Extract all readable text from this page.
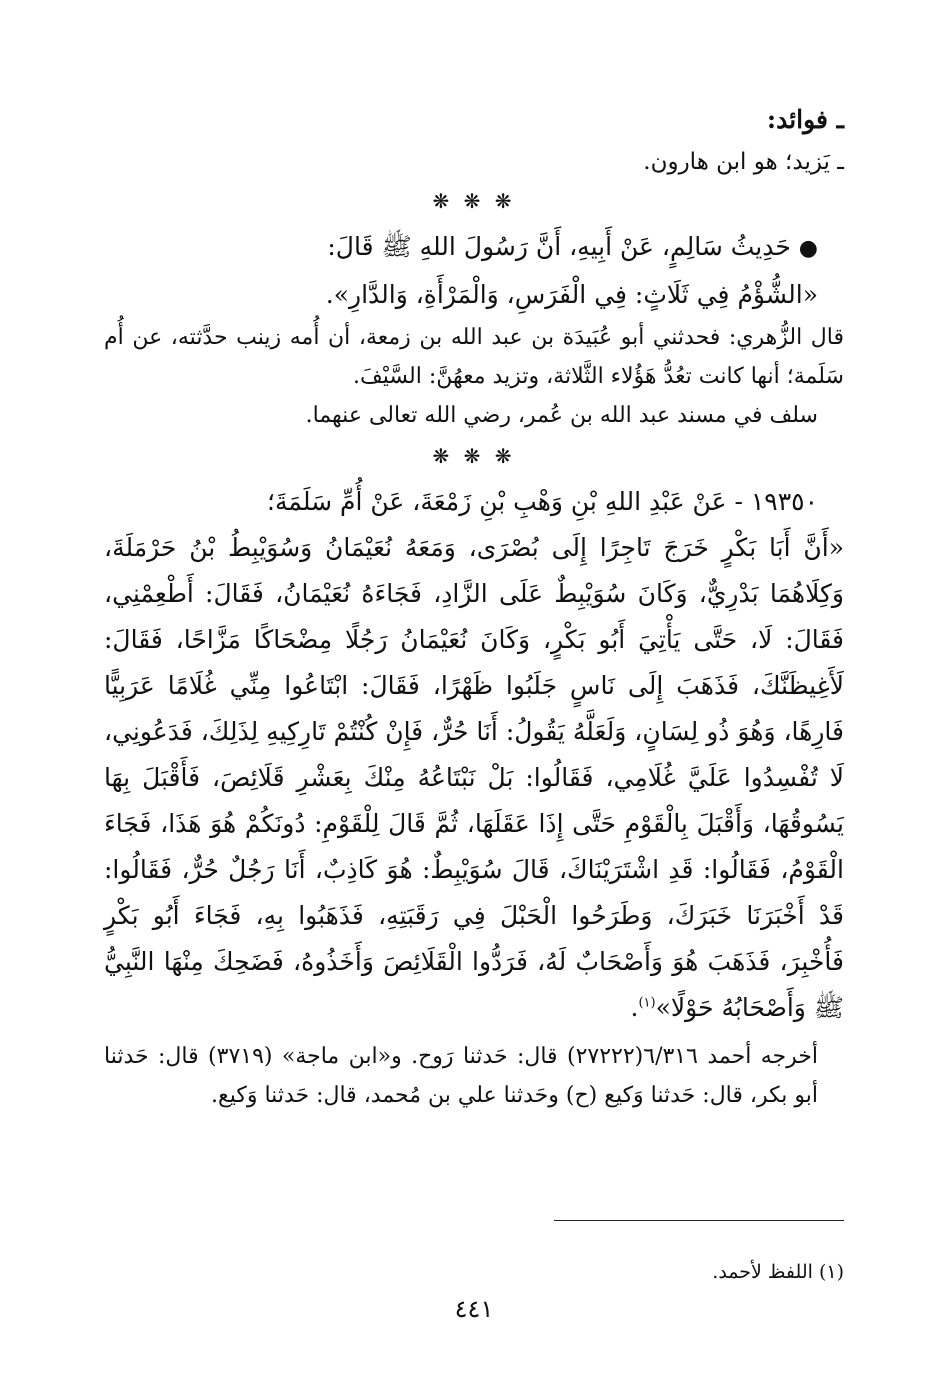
ـ فوائد:

ـ يَزيد؛ هو ابن هارون.

❋ ❋ ❋

●حَدِيثُ سَالِمٍ، عَنْ أَبِيهِ، أَنَّ رَسُولَ اللهِ ﷺ قَالَ:

«الشُّؤْمُ فِي ثَلَاثٍ: فِي الْفَرَسِ، وَالْمَرْأَةِ، وَالدَّارِ».

قال الزُّهري: فحدثني أبو عُبَيدَة بن عبد الله بن زمعة، أن أُمه زينب حدَّثته، عن أُم سَلَمة؛ أنها كانت تعُدُّ هَؤُلاء الثَّلاثة، وتزيد معهُنَّ: السَّيْفَ.

سلف في مسند عبد الله بن عُمر، رضي الله تعالى عنهما.

❋ ❋ ❋

١٩٣٥٠ - عَنْ عَبْدِ اللهِ بْنِ وَهْبِ بْنِ زَمْعَةَ، عَنْ أُمِّ سَلَمَةَ؛

«أَنَّ أَبَا بَكْرٍ خَرَجَ تَاجِرًا إِلَى بُصْرَى، وَمَعَهُ نُعَيْمَانُ وَسُوَيْبِطُ بْنُ حَرْمَلَةَ، وَكِلَاهُمَا بَدْرِيٌّ، وَكَانَ سُوَيْبِطٌ عَلَى الزَّادِ، فَجَاءَهُ نُعَيْمَانُ، فَقَالَ: أَطْعِمْنِي، فَقَالَ: لَا، حَتَّى يَأْتِيَ أَبُو بَكْرٍ، وَكَانَ نُعَيْمَانُ رَجُلًا مِضْحَاكًا مَزَّاحًا، فَقَالَ: لَأَغِيظَنَّكَ، فَذَهَبَ إِلَى نَاسٍ جَلَبُوا ظَهْرًا، فَقَالَ: ابْتَاعُوا مِنِّي غُلَامًا عَرَبِيًّا فَارِهًا، وَهُوَ ذُو لِسَانٍ، وَلَعَلَّهُ يَقُولُ: أَنَا حُرٌّ، فَإِنْ كُنْتُمْ تَارِكِيهِ لِذَلِكَ، فَدَعُونِي، لَا تُفْسِدُوا عَلَيَّ غُلَامِي، فَقَالُوا: بَلْ نَبْتَاعُهُ مِنْكَ بِعَشْرِ قَلَائِصَ، فَأَقْبَلَ بِهَا يَسُوقُهَا، وَأَقْبَلَ بِالْقَوْمِ حَتَّى إِذَا عَقَلَهَا، ثُمَّ قَالَ لِلْقَوْمِ: دُونَكُمْ هُوَ هَذَا، فَجَاءَ الْقَوْمُ، فَقَالُوا: قَدِ اشْتَرَيْنَاكَ، قَالَ سُوَيْبِطٌ: هُوَ كَاذِبٌ، أَنَا رَجُلٌ حُرٌّ، فَقَالُوا: قَدْ أَخْبَرَنَا خَبَرَكَ، وَطَرَحُوا الْحَبْلَ فِي رَقَبَتِهِ، فَذَهَبُوا بِهِ، فَجَاءَ أَبُو بَكْرٍ فَأُخْبِرَ، فَذَهَبَ هُوَ وَأَصْحَابٌ لَهُ، فَرَدُّوا الْقَلَائِصَ وَأَخَذُوهُ، فَضَحِكَ مِنْهَا النَّبِيُّ ﷺ وَأَصْحَابُهُ حَوْلًا»$^{(١)}$.

أخرجه أحمد ٦/٣١٦(٢٧٢٢٢) قال: حَدثنا رَوح. و«ابن ماجة» (٣٧١٩) قال: حَدثنا أبو بكر، قال: حَدثنا وَكيع (ح) وحَدثنا علي بن مُحمد، قال: حَدثنا وَكيع.

(١) اللفظ لأحمد.

٤٤١
